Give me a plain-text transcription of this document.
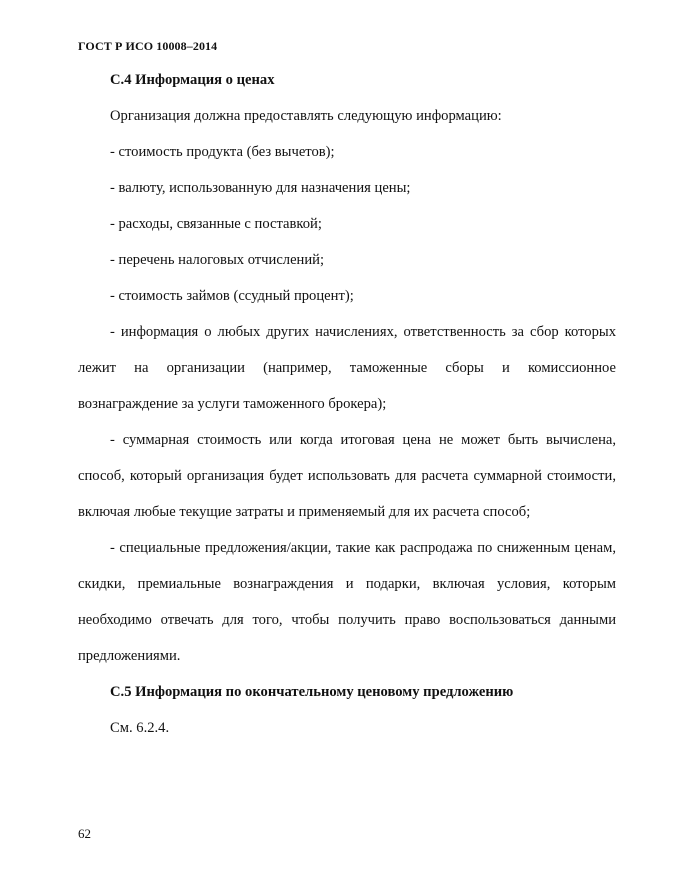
ГОСТ Р ИСО 10008–2014
С.4 Информация о ценах

Организация должна предоставлять следующую информацию:

- стоимость продукта (без вычетов);

- валюту, использованную для назначения цены;

- расходы, связанные с поставкой;

- перечень налоговых отчислений;

- стоимость займов (ссудный процент);

- информация о любых других начислениях, ответственность за сбор которых лежит на организации (например, таможенные сборы и комиссионное вознаграждение за услуги таможенного брокера);

- суммарная стоимость или когда итоговая цена не может быть вычислена, способ, который организация будет использовать для расчета суммарной стоимости, включая любые текущие затраты и применяемый для их расчета способ;

- специальные предложения/акции, такие как распродажа по сниженным ценам, скидки, премиальные вознаграждения и подарки, включая условия, которым необходимо отвечать для того, чтобы получить право воспользоваться данными предложениями.

С.5 Информация по окончательному ценовому предложению

См. 6.2.4.

62
